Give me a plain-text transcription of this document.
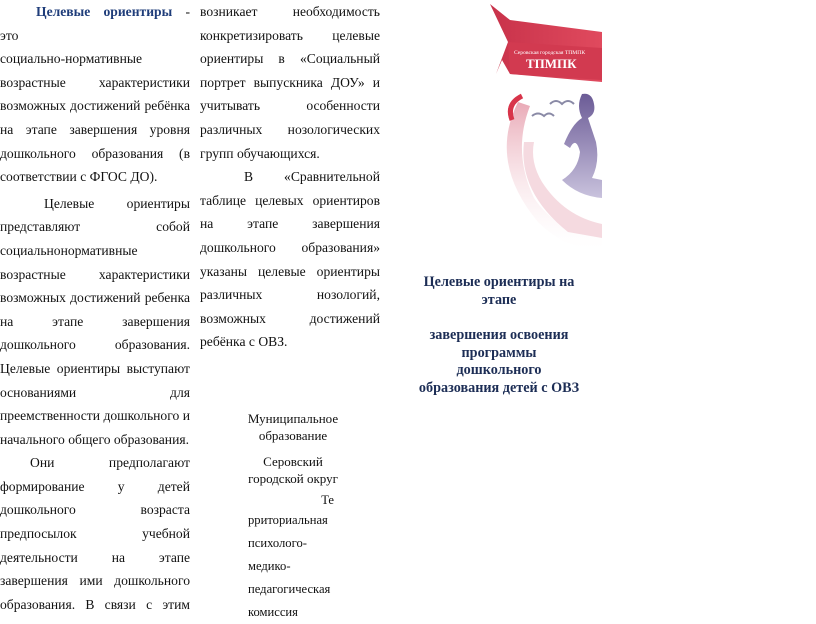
Целевые ориентиры - это
социально-нормативные
возрастные характеристики
возможных достижений ребёнка
на этапе завершения уровня
дошкольного образования (в
соответствии с ФГОС ДО).
Целевые ориентиры
представляют собой
социальнонормативные
возрастные характеристики
возможных достижений ребенка
на этапе завершения
дошкольного образования.
Целевые ориентиры выступают
основаниями для
преемственности дошкольного и
начального общего образования.
Они предполагают
формирование у детей
дошкольного возраста
предпосылок учебной
деятельности на этапе
завершения ими дошкольного
образования. В связи с этим
возникает необходимость
конкретизировать целевые
ориентиры в «Социальный
портрет выпускника ДОУ» и
учитывать особенности
различных нозологических
групп обучающихся.
В «Сравнительной
таблице целевых ориентиров
на этапе завершения
дошкольного образования»
указаны целевые ориентиры
различных нозологий,
возможных достижений
ребёнка с ОВЗ.

Муниципальное

образование

Серовский

городской округ

Те
рриториальная
психолого-
медико-
педагогическая
комиссия
Серовская городская ТПМПК
ТПМПК

Целевые ориентиры на

этапе

завершения освоения

программы

дошкольного

образования детей с ОВЗ
